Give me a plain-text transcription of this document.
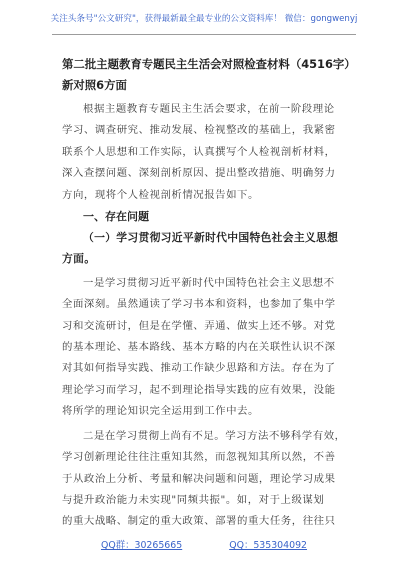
关注头条号"公文研究"，获得最新最全最专业的公文资料库！ 微信：gongwenyj
第二批主题教育专题民主生活会对照检查材料（4516字）
新对照6方面
根据主题教育专题民主生活会要求，在前一阶段理论
学习、调查研究、推动发展、检视整改的基础上，我紧密
联系个人思想和工作实际，认真撰写个人检视剖析材料，
深入查摆问题、深刻剖析原因、提出整改措施、明确努力
方向，现将个人检视剖析情况报告如下。
一、存在问题
（一）学习贯彻习近平新时代中国特色社会主义思想
方面。
一是学习贯彻习近平新时代中国特色社会主义思想不
全面深刻。虽然通读了学习书本和资料，也参加了集中学
习和交流研讨，但是在学懂、弄通、做实上还不够。对党
的基本理论、基本路线、基本方略的内在关联性认识不深
对其如何指导实践、推动工作缺少思路和方法。存在为了
理论学习而学习，起不到理论指导实践的应有效果，没能
将所学的理论知识完全运用到工作中去。
二是在学习贯彻上尚有不足。学习方法不够科学有效，
学习创新理论往往注重知其然，而忽视知其所以然，不善
于从政治上分析、考量和解决问题和问题，理论学习成果
与提升政治能力未实现"同频共振"。如，对于上级谋划
的重大战略、制定的重大政策、部署的重大任务，往往只
QQ群：30265665	QQ：535304092
